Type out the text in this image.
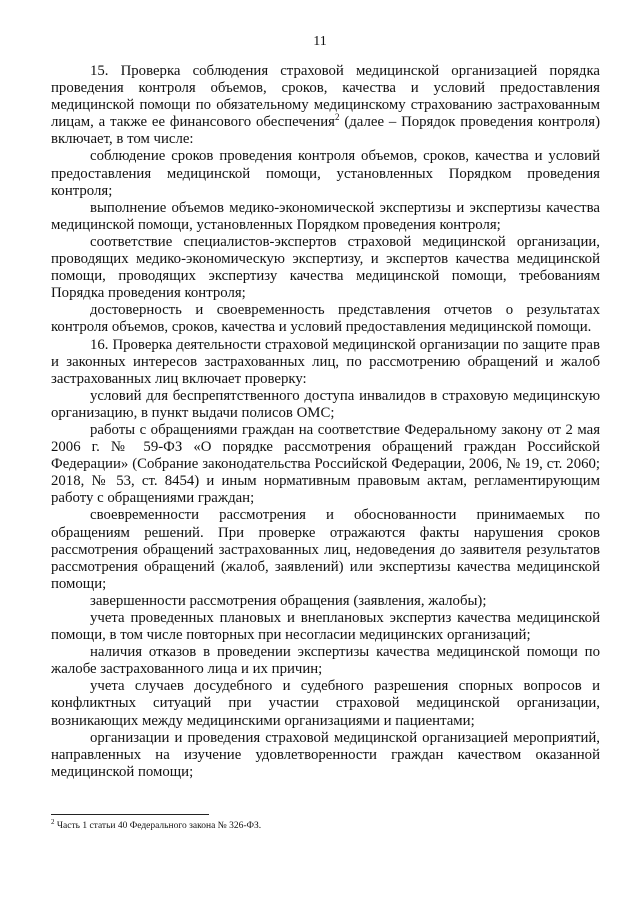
11

15. Проверка соблюдения страховой медицинской организацией порядка проведения контроля объемов, сроков, качества и условий предоставления медицинской помощи по обязательному медицинскому страхованию застрахованным лицам, а также ее финансового обеспечения$^2$ (далее – Порядок проведения контроля) включает, в том числе:

соблюдение сроков проведения контроля объемов, сроков, качества и условий предоставления медицинской помощи, установленных Порядком проведения контроля;

выполнение объемов медико-экономической экспертизы и экспертизы качества медицинской помощи, установленных Порядком проведения контроля;

соответствие специалистов-экспертов страховой медицинской организации, проводящих медико-экономическую экспертизу, и экспертов качества медицинской помощи, проводящих экспертизу качества медицинской помощи, требованиям Порядка проведения контроля;

достоверность и своевременность представления отчетов о результатах контроля объемов, сроков, качества и условий предоставления медицинской помощи.

16. Проверка деятельности страховой медицинской организации по защите прав и законных интересов застрахованных лиц, по рассмотрению обращений и жалоб застрахованных лиц включает проверку:

условий для беспрепятственного доступа инвалидов в страховую медицинскую организацию, в пункт выдачи полисов ОМС;

работы с обращениями граждан на соответствие Федеральному закону от 2 мая 2006 г. № 59-ФЗ «О порядке рассмотрения обращений граждан Российской Федерации» (Собрание законодательства Российской Федерации, 2006, № 19, ст. 2060; 2018, № 53, ст. 8454) и иным нормативным правовым актам, регламентирующим работу с обращениями граждан;

своевременности рассмотрения и обоснованности принимаемых по обращениям решений. При проверке отражаются факты нарушения сроков рассмотрения обращений застрахованных лиц, недоведения до заявителя результатов рассмотрения обращений (жалоб, заявлений) или экспертизы качества медицинской помощи;

завершенности рассмотрения обращения (заявления, жалобы);

учета проведенных плановых и внеплановых экспертиз качества медицинской помощи, в том числе повторных при несогласии медицинских организаций;

наличия отказов в проведении экспертизы качества медицинской помощи по жалобе застрахованного лица и их причин;

учета случаев досудебного и судебного разрешения спорных вопросов и конфликтных ситуаций при участии страховой медицинской организации, возникающих между медицинскими организациями и пациентами;

организации и проведения страховой медицинской организацией мероприятий, направленных на изучение удовлетворенности граждан качеством оказанной медицинской помощи;

$^2$ Часть 1 статьи 40 Федерального закона № 326-ФЗ.
